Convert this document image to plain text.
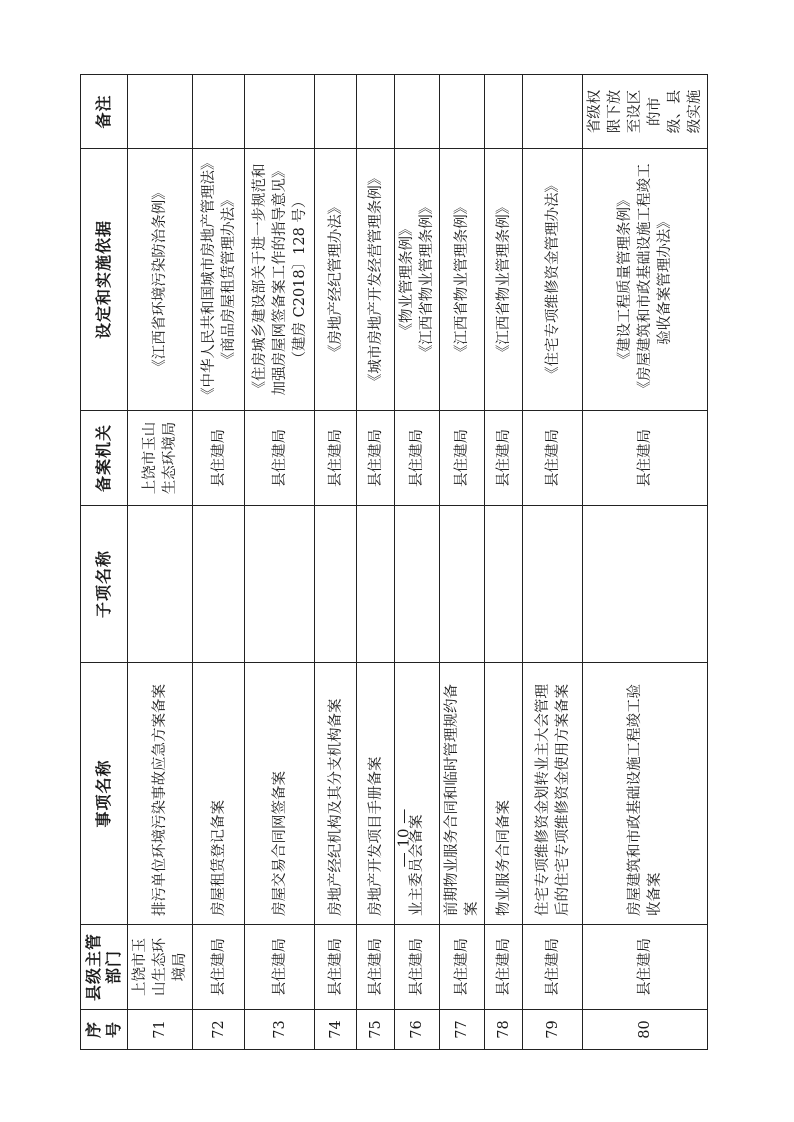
序号	县级主管部门	事项名称	子项名称	备案机关	设定和实施依据	备注
71	上饶市玉山生态环境局	排污单位环境污染事故应急方案备案		上饶市玉山生态环境局	《江西省环境污染防治条例》	

72	县住建局	房屋租赁登记备案		县住建局	《中华人民共和国城市房地产管理法》 《商品房屋租赁管理办法》	

73	县住建局	房屋交易合同网签备案		县住建局	《住房城乡建设部关于进一步规范和加强房屋网签备案工作的指导意见》（建房 C2018〕128 号）	

74	县住建局	房地产经纪机构及其分支机构备案		县住建局	《房地产经纪管理办法》	

75	县住建局	房地产开发项目手册备案		县住建局	《城市房地产开发经营管理条例》	

76	县住建局	业主委员会备案		县住建局	《物业管理条例》 《江西省物业管理条例》	

77	县住建局	前期物业服务合同和临时管理规约备案		县住建局	《江西省物业管理条例》	

78	县住建局	物业服务合同备案		县住建局	《江西省物业管理条例》	

79	县住建局	住宅专项维修资金划转业主大会管理后的住宅专项维修资金使用方案备案		县住建局	《住宅专项维修资金管理办法》	

80	县住建局	房屋建筑和市政基础设施工程竣工验收备案		县住建局	《建设工程质量管理条例》 《房屋建筑和市政基础设施工程竣工验收备案管理办法》	省级权限下放至设区的市级、县级实施
— 10 —
